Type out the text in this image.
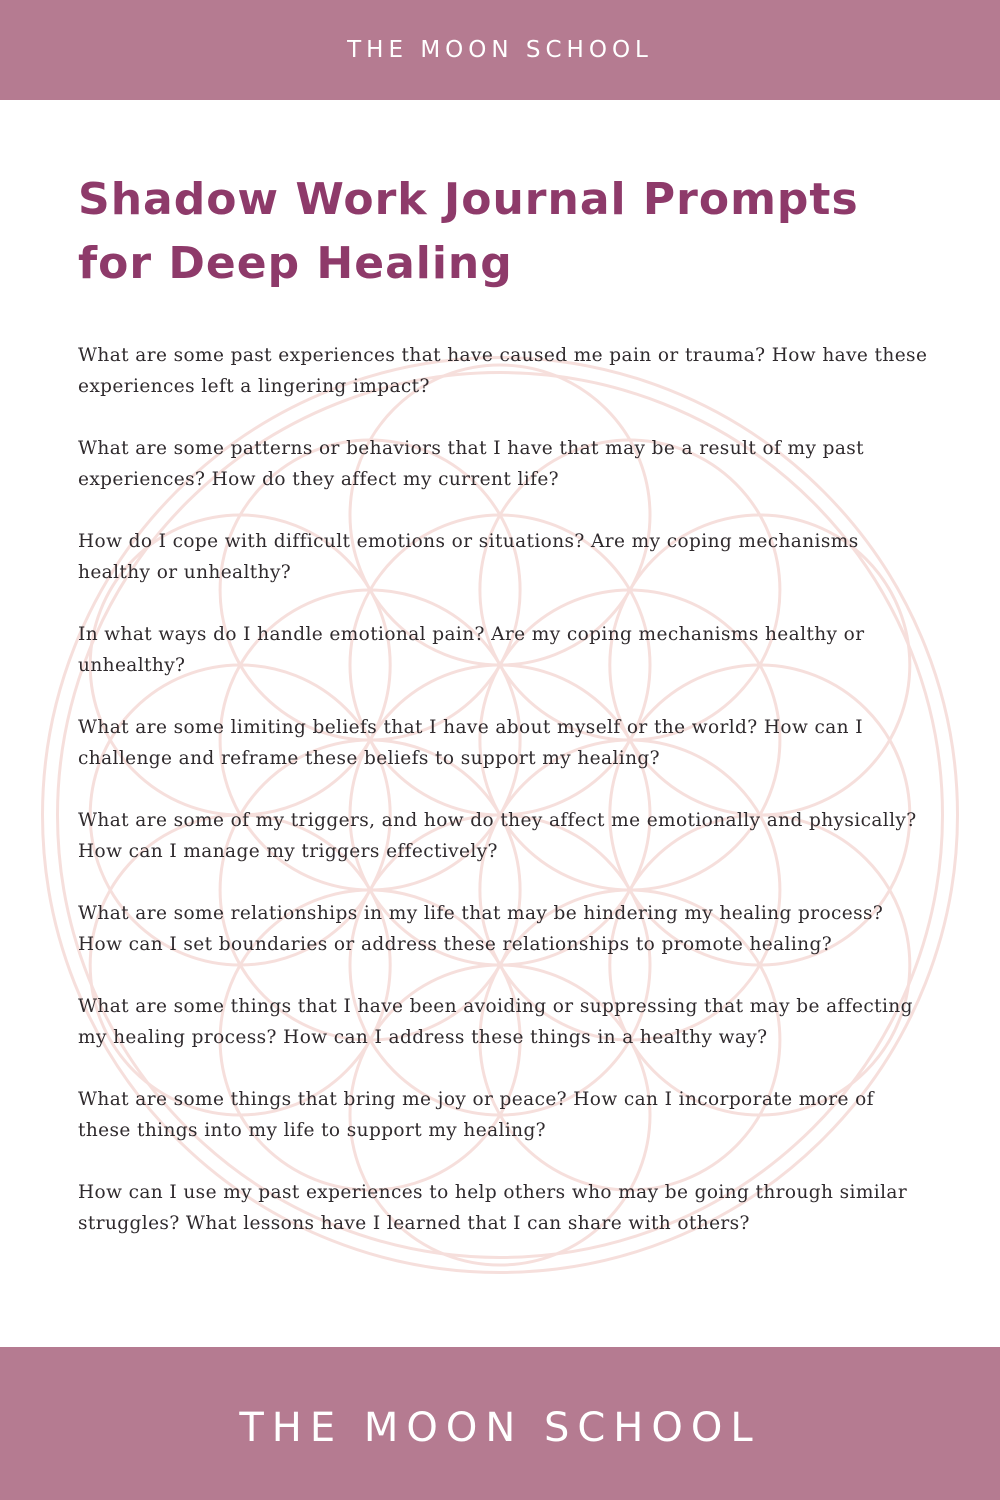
THE MOON SCHOOL
Shadow Work Journal Prompts
for Deep Healing
What are some past experiences that have caused me pain or trauma? How have these experiences left a lingering impact?
What are some patterns or behaviors that I have that may be a result of my past experiences? How do they affect my current life?
How do I cope with difficult emotions or situations? Are my coping mechanisms healthy or unhealthy?
In what ways do I handle emotional pain? Are my coping mechanisms healthy or unhealthy?
What are some limiting beliefs that I have about myself or the world? How can I challenge and reframe these beliefs to support my healing?
What are some of my triggers, and how do they affect me emotionally and physically? How can I manage my triggers effectively?
What are some relationships in my life that may be hindering my healing process? How can I set boundaries or address these relationships to promote healing?
What are some things that I have been avoiding or suppressing that may be affecting my healing process? How can I address these things in a healthy way?
What are some things that bring me joy or peace? How can I incorporate more of these things into my life to support my healing?
How can I use my past experiences to help others who may be going through similar struggles? What lessons have I learned that I can share with others?
THE MOON SCHOOL
